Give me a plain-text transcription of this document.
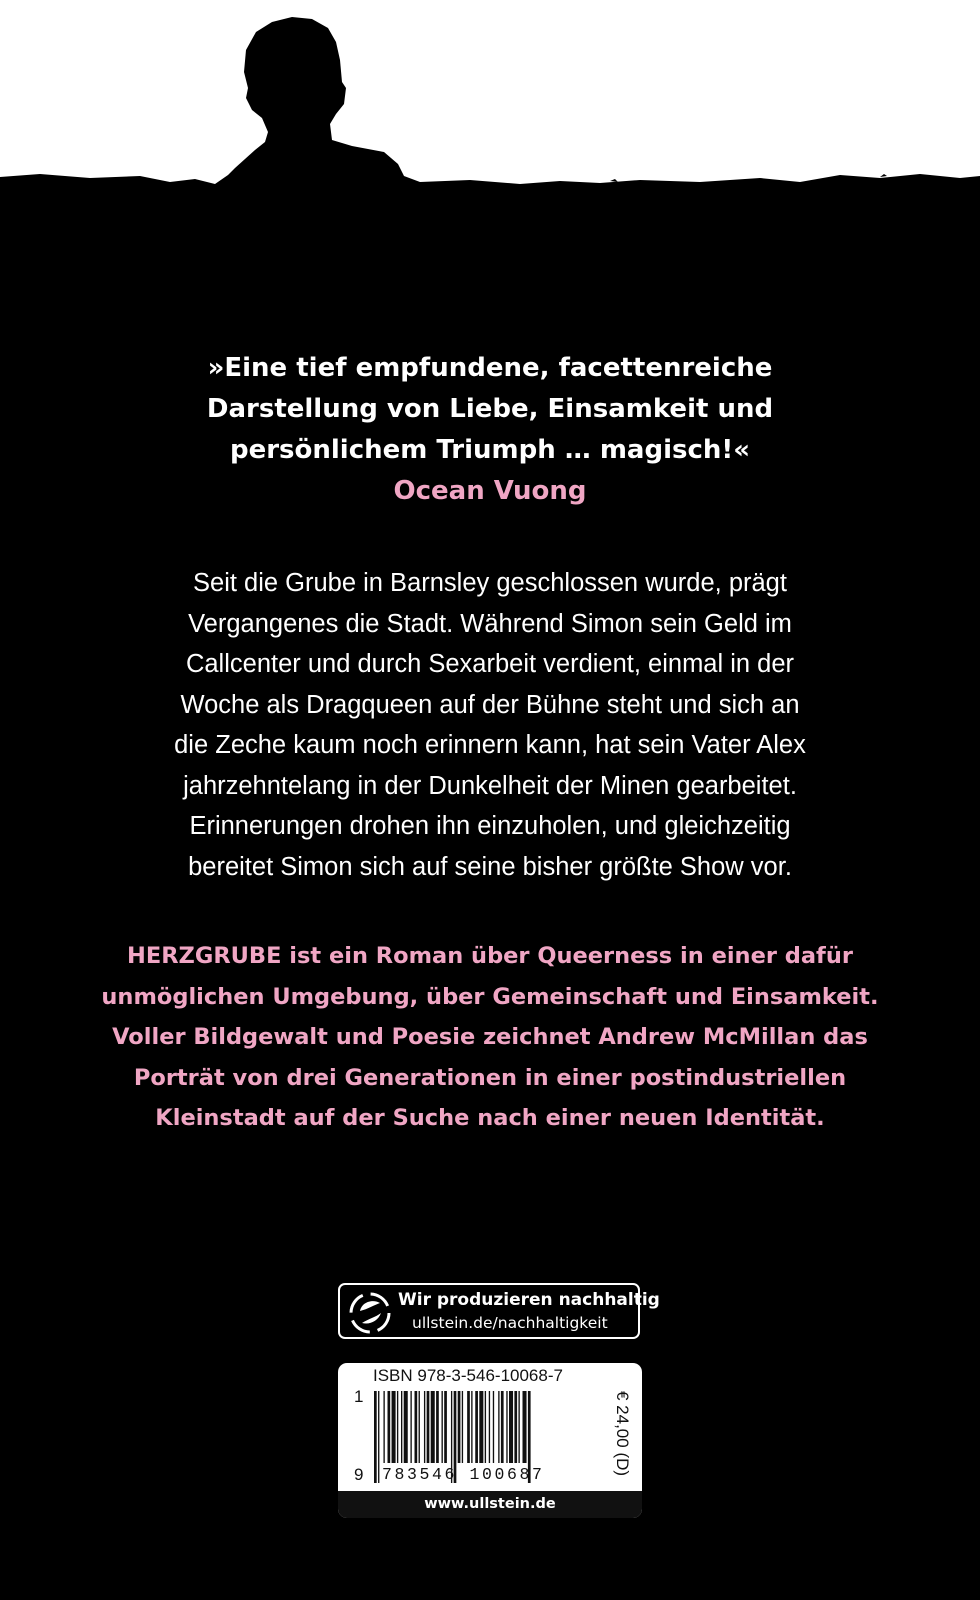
»Eine tief empfundene, facettenreiche
Darstellung von Liebe, Einsamkeit und
persönlichem Triumph … magisch!«
Ocean Vuong
Seit die Grube in Barnsley geschlossen wurde, prägt
Vergangenes die Stadt. Während Simon sein Geld im
Callcenter und durch Sexarbeit verdient, einmal in der
Woche als Dragqueen auf der Bühne steht und sich an
die Zeche kaum noch erinnern kann, hat sein Vater Alex
jahrzehntelang in der Dunkelheit der Minen gearbeitet.
Erinnerungen drohen ihn einzuholen, und gleichzeitig
bereitet Simon sich auf seine bisher größte Show vor.
HERZGRUBE ist ein Roman über Queerness in einer dafür
unmöglichen Umgebung, über Gemeinschaft und Einsamkeit.
Voller Bildgewalt und Poesie zeichnet Andrew McMillan das
Porträt von drei Generationen in einer postindustriellen
Kleinstadt auf der Suche nach einer neuen Identität.
Wir produzieren nachhaltig
ullstein.de/nachhaltigkeit
ISBN 978-3-546-10068-7
1
9 783546 100687	€ 24,00 (D)
www.ullstein.de
